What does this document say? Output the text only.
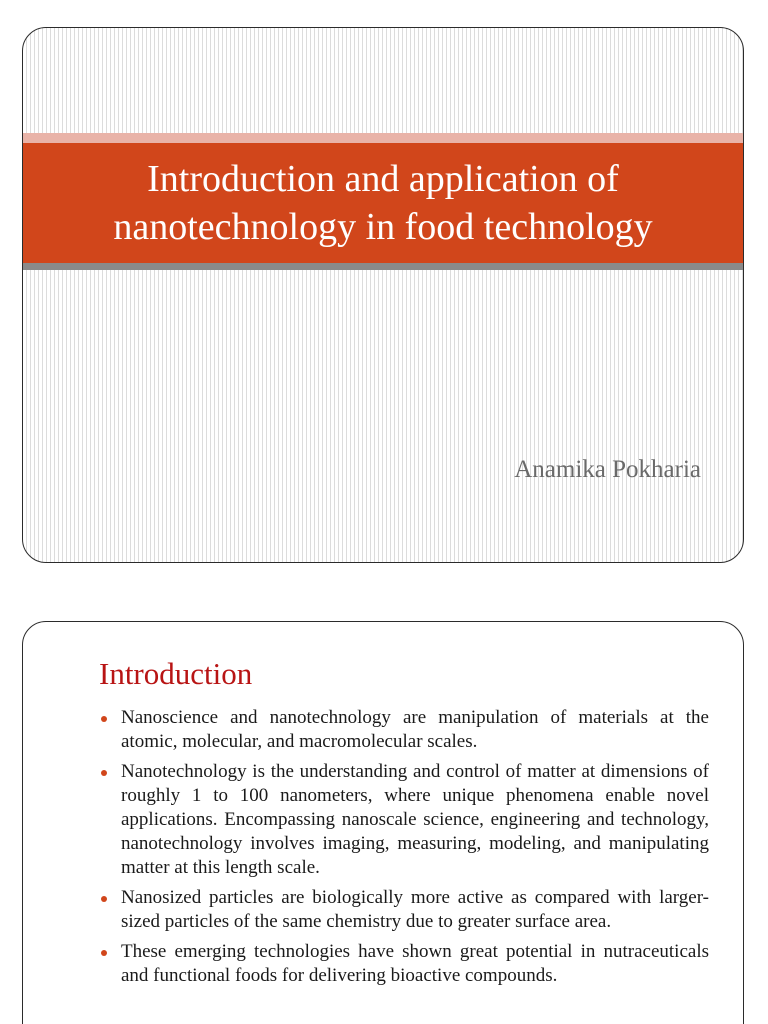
Introduction and application of
nanotechnology in food technology
Anamika Pokharia
Introduction
Nanoscience and nanotechnology are manipulation of materials at the atomic, molecular, and macromolecular scales.
Nanotechnology is the understanding and control of matter at dimensions of roughly 1 to 100 nanometers, where unique phenomena enable novel applications. Encompassing nanoscale science, engineering and technology, nanotechnology involves imaging, measuring, modeling, and manipulating matter at this length scale.
Nanosized particles are biologically more active as compared with larger-sized particles of the same chemistry due to greater surface area.
These emerging technologies have shown great potential in nutraceuticals and functional foods for delivering bioactive compounds.
